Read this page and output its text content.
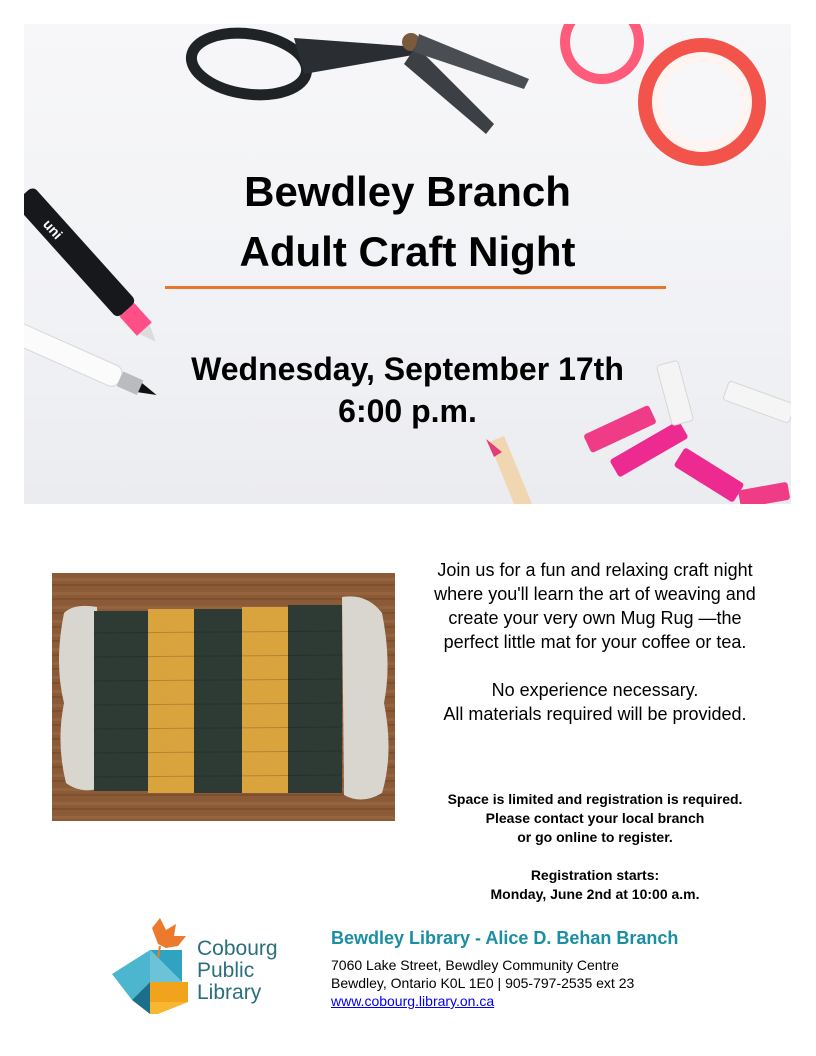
uni
Bewdley Branch
Adult Craft Night
Wednesday, September 17th
6:00 p.m.

Join us for a fun and relaxing craft night
where you'll learn the art of weaving and
create your very own Mug Rug —the
perfect little mat for your coffee or tea.

No experience necessary.
All materials required will be provided.

Space is limited and registration is required.
Please contact your local branch
or go online to register.

Registration starts:
Monday, June 2nd at 10:00 a.m.

Cobourg
Public
Library
Bewdley Library - Alice D. Behan Branch
7060 Lake Street, Bewdley Community Centre
Bewdley, Ontario K0L 1E0 | 905-797-2535 ext 23
www.cobourg.library.on.ca
